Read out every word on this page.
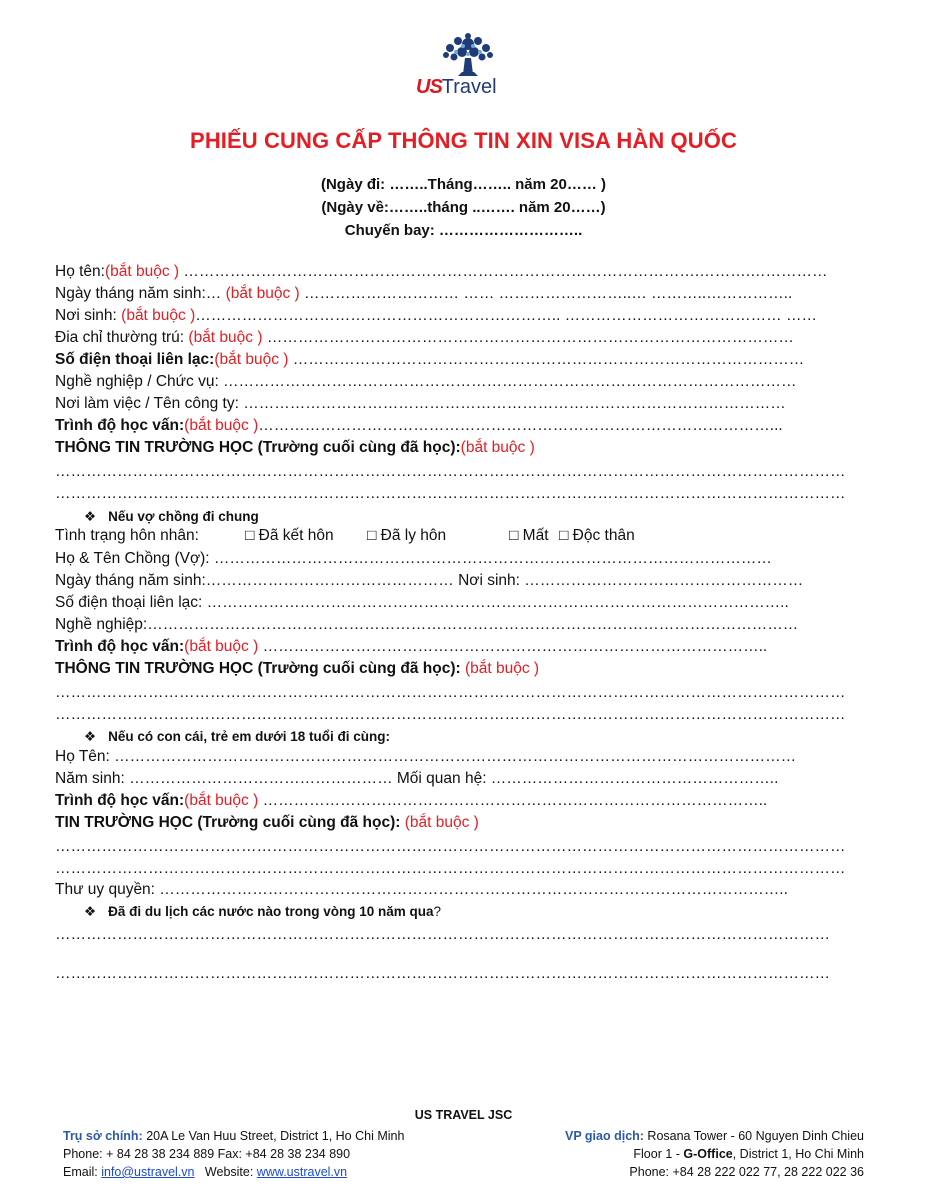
USTravel
PHIẾU CUNG CẤP THÔNG TIN XIN VISA HÀN QUỐC
(Ngày đi: ……..Tháng…….. năm 20…… )
(Ngày về:……..tháng ..……. năm 20……)
Chuyến bay: ………………………..
Họ tên:(bắt buộc ) ……………………………………………………………………………………….……….……………
Ngày tháng năm sinh:… (bắt buộc ) ………………………… …… ……………………..… ………..……………..
Nơi sinh: (bắt buộc )…………………………………………………………….. …………………………………… ……
Đia chỉ thường trú: (bắt buộc ) …………………………………………………………………………………………
Số điện thoại liên lạc:(bắt buộc ) ………………………………………………………………………………………
Nghề nghiệp / Chức vụ: …………………………………………………………………………………………………
Nơi làm việc / Tên công ty: ……………………………………………………………………………………………
Trình độ học vấn:(bắt buộc )………………………………………………………………………………………...
THÔNG TIN TRƯỜNG HỌC (Trường cuối cùng đã học):(bắt buộc )
………………………………………………………………………………………………………………………………………
………………………………………………………………………………………………………………………………………
❖ Nếu vợ chồng đi chung
Tình trạng hôn nhân:	□ Đã kết hôn □ Đã ly hôn	□ Mất □ Độc thân
Họ & Tên Chồng (Vợ): ………………………………………………………………………………………………
Ngày tháng năm sinh:………………………………………… Nơi sinh: ………………………………………………
Số điện thoại liên lạc: …………………………………………………………………………………………………..
Nghề nghiệp:………………………………………………………………………………………………………………
Trình độ học vấn:(bắt buộc ) ……………………………………………………………………………………..
THÔNG TIN TRƯỜNG HỌC (Trường cuối cùng đã học): (bắt buộc )
………………………………………………………………………………………………………………………………………
………………………………………………………………………………………………………………………………………
❖ Nếu có con cái, trẻ em dưới 18 tuổi đi cùng:
Họ Tên: ……………………………………………………………………………………………………………………
Năm sinh: …………………………………………… Mối quan hệ: ………………………………………………..
Trình độ học vấn:(bắt buộc ) ……………………………………………………………………………………..
TIN TRƯỜNG HỌC (Trường cuối cùng đã học): (bắt buộc )
………………………………………………………………………………………………………………………………………
………………………………………………………………………………………………………………………………………
Thư uy quyền: …………………………………………………………………………………………………………..
❖ Đã đi du lịch các nước nào trong vòng 10 năm qua?
……………………………………………………………………………………………………………………………………
……………………………………………………………………………………………………………………………………
US TRAVEL JSC
Trụ sở chính: 20A Le Van Huu Street, District 1, Ho Chi Minh
Phone: + 84 28 38 234 889 Fax: +84 28 38 234 890
Email: info@ustravel.vn   Website: www.ustravel.vn
VP giao dịch: Rosana Tower - 60 Nguyen Dinh Chieu
Floor 1 - G-Office, District 1, Ho Chi Minh
Phone: +84 28 222 022 77, 28 222 022 36
